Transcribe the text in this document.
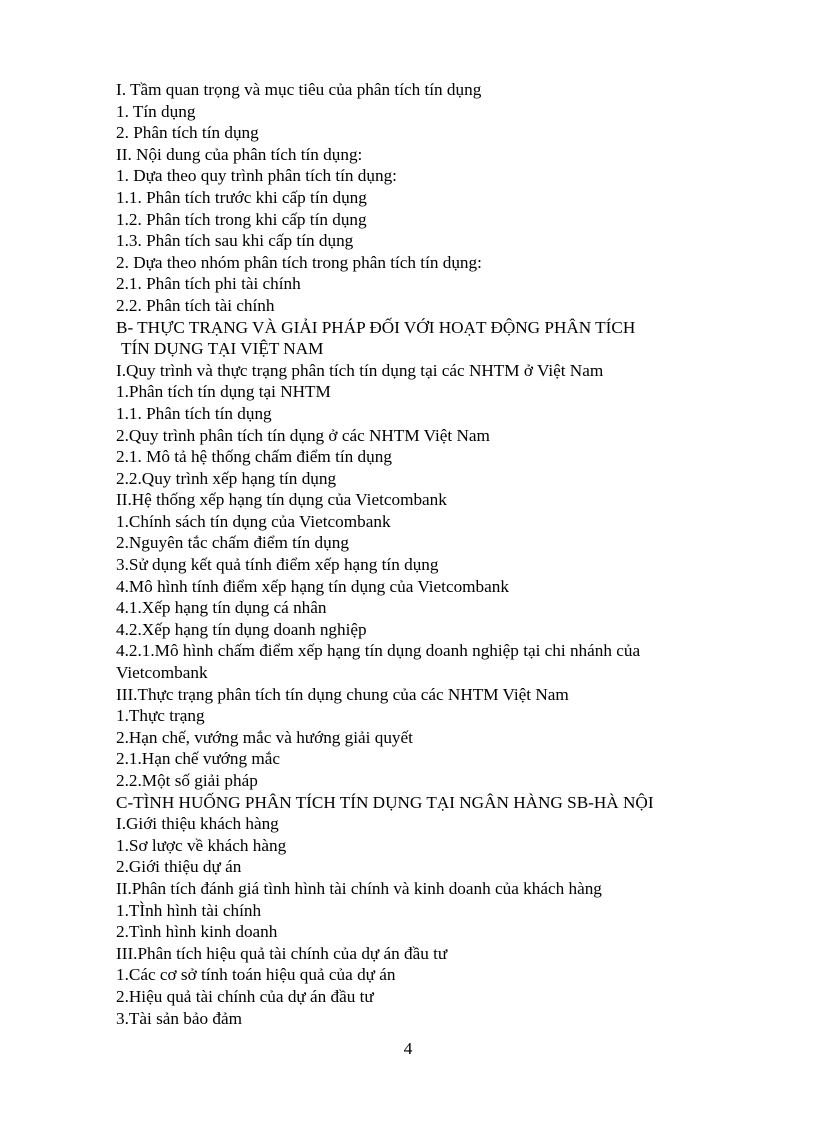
I. Tầm quan trọng và mục tiêu của phân tích tín dụng
1. Tín dụng
2. Phân tích tín dụng
II. Nội dung của phân tích tín dụng:
1. Dựa theo quy trình phân tích tín dụng:
1.1. Phân tích trước khi cấp tín dụng
1.2. Phân tích trong khi cấp tín dụng
1.3. Phân tích sau khi cấp tín dụng
2. Dựa theo nhóm phân tích trong phân tích tín dụng:
2.1. Phân tích phi tài chính
2.2. Phân tích tài chính
B- THỰC TRẠNG VÀ GIẢI PHÁP ĐỐI VỚI HOẠT ĐỘNG PHÂN TÍCH
TÍN DỤNG TẠI VIỆT NAM
I.Quy trình và thực trạng phân tích tín dụng tại các NHTM ở Việt Nam
1.Phân tích tín dụng tại NHTM
1.1. Phân tích tín dụng
2.Quy trình phân tích tín dụng ở các NHTM Việt Nam
2.1. Mô tả hệ thống chấm điểm tín dụng
2.2.Quy trình xếp hạng tín dụng
II.Hệ thống xếp hạng tín dụng của Vietcombank
1.Chính sách tín dụng của Vietcombank
2.Nguyên tắc chấm điểm tín dụng
3.Sử dụng kết quả tính điểm xếp hạng tín dụng
4.Mô hình tính điểm xếp hạng tín dụng của Vietcombank
4.1.Xếp hạng tín dụng cá nhân
4.2.Xếp hạng tín dụng doanh nghiệp
4.2.1.Mô hình chấm điểm xếp hạng tín dụng doanh nghiệp tại chi nhánh của
Vietcombank
III.Thực trạng phân tích tín dụng chung của các NHTM Việt Nam
1.Thực trạng
2.Hạn chế, vướng mắc và hướng giải quyết
2.1.Hạn chế vướng mắc
2.2.Một số giải pháp
C-TÌNH HUỐNG PHÂN TÍCH TÍN DỤNG TẠI NGÂN HÀNG SB-HÀ NỘI
I.Giới thiệu khách hàng
1.Sơ lược về khách hàng
2.Giới thiệu dự án
II.Phân tích đánh giá tình hình tài chính và kinh doanh của khách hàng
1.TÌnh hình tài chính
2.Tình hình kinh doanh
III.Phân tích hiệu quả tài chính của dự án đầu tư
1.Các cơ sở tính toán hiệu quả của dự án
2.Hiệu quả tài chính của dự án đầu tư
3.Tài sản bảo đảm
4
